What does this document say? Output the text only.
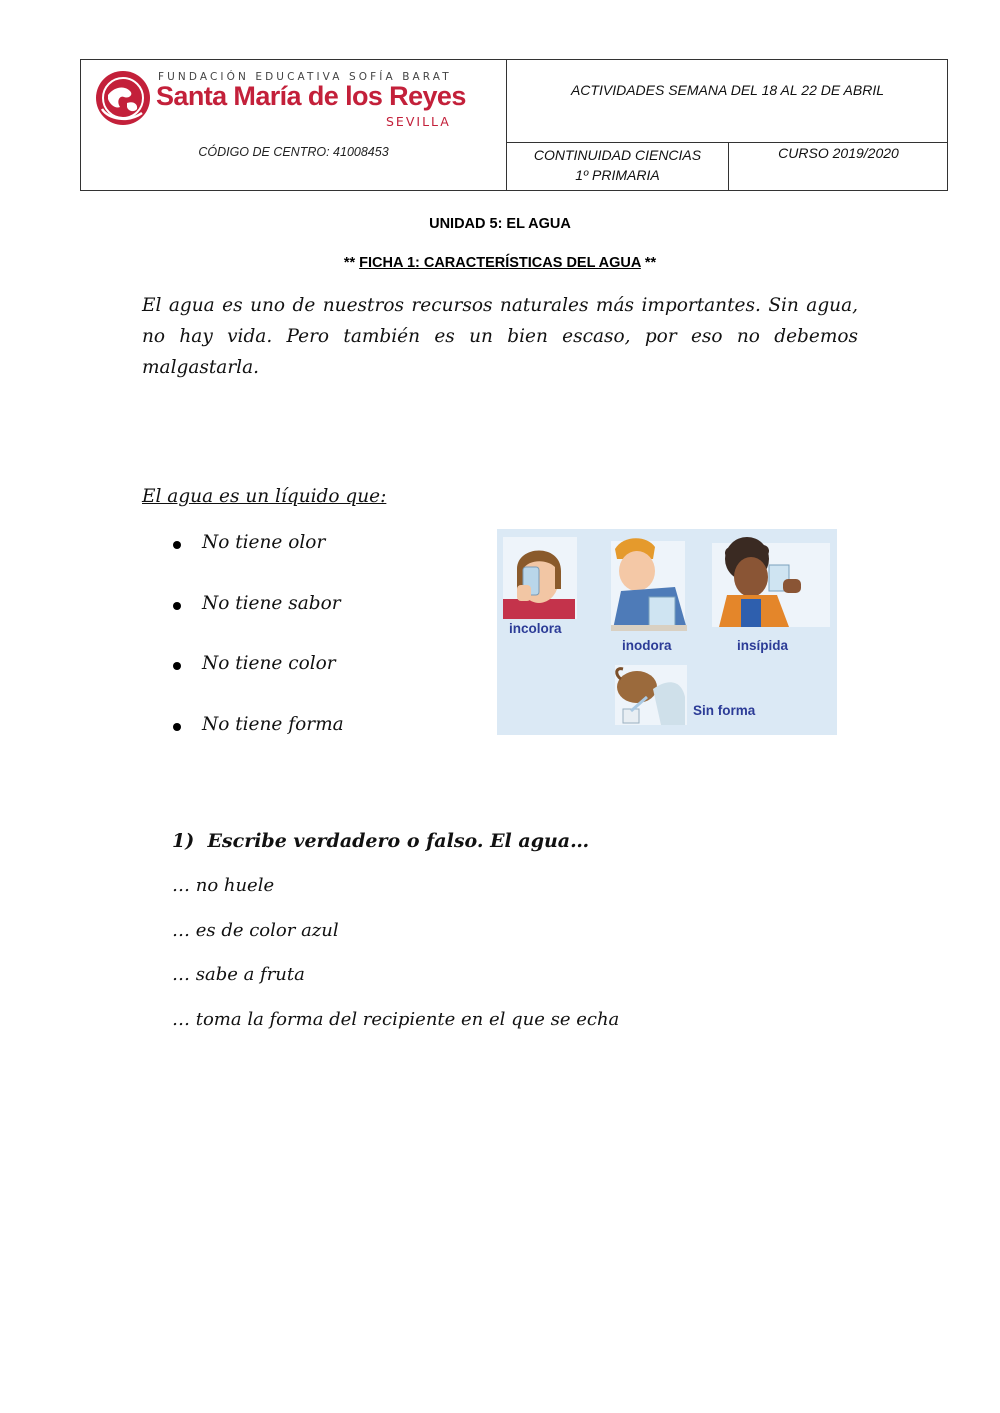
FUNDACIÓN EDUCATIVA SOFÍA BARAT
Santa María de los Reyes
SEVILLA
CÓDIGO DE CENTRO: 41008453
ACTIVIDADES SEMANA DEL 18 AL 22 DE ABRIL
CONTINUIDAD CIENCIAS
1º PRIMARIA
CURSO 2019/2020
UNIDAD 5: EL AGUA
** FICHA 1: CARACTERÍSTICAS DEL AGUA **
El agua es uno de nuestros recursos naturales más importantes. Sin agua, no hay vida. Pero también es un bien escaso, por eso no debemos malgastarla.
El agua es un líquido que:
No tiene olor
No tiene sabor
No tiene color
No tiene forma
incolora
inodora	insípida
Sin forma
1) Escribe verdadero o falso. El agua…
… no huele
… es de color azul
… sabe a fruta
… toma la forma del recipiente en el que se echa
